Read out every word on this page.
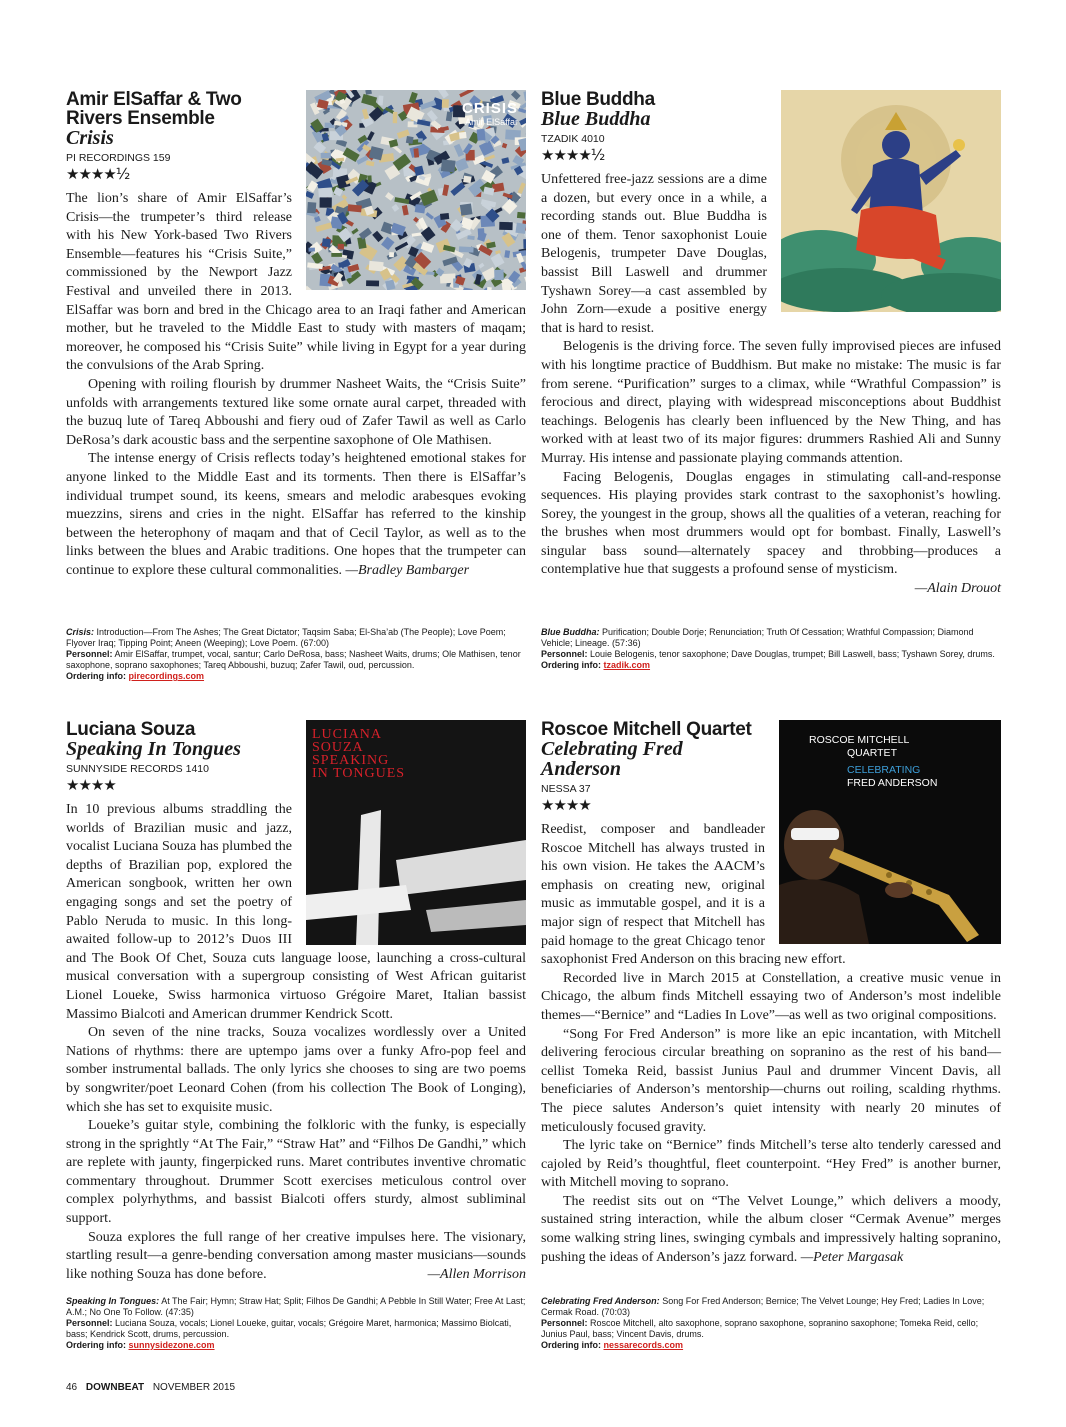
CRISIS
Amir ElSaffar
Amir ElSaffar & Two Rivers Ensemble
Crisis
PI RECORDINGS 159
★★★★½

The lion’s share of Amir ElSaffar’s Crisis—the trumpeter’s third release with his New York-based Two Rivers Ensemble—features his “Crisis Suite,” commissioned by the Newport Jazz Festival and unveiled there in 2013. ElSaffar was born and bred in the Chicago area to an Iraqi father and American mother, but he traveled to the Middle East to study with masters of maqam; moreover, he composed his “Crisis Suite” while living in Egypt for a year during the convulsions of the Arab Spring.

Opening with roiling flourish by drummer Nasheet Waits, the “Crisis Suite” unfolds with arrangements textured like some ornate aural carpet, threaded with the buzuq lute of Tareq Abboushi and fiery oud of Zafer Tawil as well as Carlo DeRosa’s dark acoustic bass and the serpentine saxophone of Ole Mathisen.

The intense energy of Crisis reflects today’s heightened emotional stakes for anyone linked to the Middle East and its torments. Then there is ElSaffar’s individual trumpet sound, its keens, smears and melodic arabesques evoking muezzins, sirens and cries in the night. ElSaffar has referred to the kinship between the heterophony of maqam and that of Cecil Taylor, as well as to the links between the blues and Arabic traditions. One hopes that the trumpeter can continue to explore these cultural commonalities. —Bradley Bambarger

Crisis: Introduction—From The Ashes; The Great Dictator; Taqsim Saba; El-Sha’ab (The People); Love Poem; Flyover Iraq; Tipping Point; Aneen (Weeping); Love Poem. (67:00)
Personnel: Amir ElSaffar, trumpet, vocal, santur; Carlo DeRosa, bass; Nasheet Waits, drums; Ole Mathisen, tenor saxophone, soprano saxophones; Tareq Abboushi, buzuq; Zafer Tawil, oud, percussion.
Ordering info: pirecordings.com
Blue Buddha
Blue Buddha
TZADIK 4010
★★★★½

Unfettered free-jazz sessions are a dime a dozen, but every once in a while, a recording stands out. Blue Buddha is one of them. Tenor saxophonist Louie Belogenis, trumpeter Dave Douglas, bassist Bill Laswell and drummer Tyshawn Sorey—a cast assembled by John Zorn—exude a positive energy that is hard to resist.

Belogenis is the driving force. The seven fully improvised pieces are infused with his longtime practice of Buddhism. But make no mistake: The music is far from serene. “Purification” surges to a climax, while “Wrathful Compassion” is ferocious and direct, playing with widespread misconceptions about Buddhist teachings. Belogenis has clearly been influenced by the New Thing, and has worked with at least two of its major figures: drummers Rashied Ali and Sunny Murray. His intense and passionate playing commands attention.

Facing Belogenis, Douglas engages in stimulating call-and-response sequences. His playing provides stark contrast to the saxophonist’s howling. Sorey, the youngest in the group, shows all the qualities of a veteran, reaching for the brushes when most drummers would opt for bombast. Finally, Laswell’s singular bass sound—alternately spacey and throbbing—produces a contemplative hue that suggests a profound sense of mysticism.

—Alain Drouot
Blue Buddha: Purification; Double Dorje; Renunciation; Truth Of Cessation; Wrathful Compassion; Diamond Vehicle; Lineage. (57:36)
Personnel: Louie Belogenis, tenor saxophone; Dave Douglas, trumpet; Bill Laswell, bass; Tyshawn Sorey, drums.
Ordering info: tzadik.com
LUCIANA
SOUZA
SPEAKING
IN TONGUES
Luciana Souza
Speaking In Tongues
SUNNYSIDE RECORDS 1410
★★★★

In 10 previous albums straddling the worlds of Brazilian music and jazz, vocalist Luciana Souza has plumbed the depths of Brazilian pop, explored the American songbook, written her own engaging songs and set the poetry of Pablo Neruda to music. In this long-awaited follow-up to 2012’s Duos III and The Book Of Chet, Souza cuts language loose, launching a cross-cultural musical conversation with a supergroup consisting of West African guitarist Lionel Loueke, Swiss harmonica virtuoso Grégoire Maret, Italian bassist Massimo Bialcoti and American drummer Kendrick Scott.

On seven of the nine tracks, Souza vocalizes wordlessly over a United Nations of rhythms: there are uptempo jams over a funky Afro-pop feel and somber instrumental ballads. The only lyrics she chooses to sing are two poems by songwriter/poet Leonard Cohen (from his collection The Book of Longing), which she has set to exquisite music.

Loueke’s guitar style, combining the folkloric with the funky, is especially strong in the sprightly “At The Fair,” “Straw Hat” and “Filhos De Gandhi,” which are replete with jaunty, fingerpicked runs. Maret contributes inventive chromatic commentary throughout. Drummer Scott exercises meticulous control over complex polyrhythms, and bassist Bialcoti offers sturdy, almost subliminal support.

Souza explores the full range of her creative impulses here. The visionary, startling result—a genre-bending conversation among master musicians—sounds like nothing Souza has done before.	—Allen Morrison

Speaking In Tongues: At The Fair; Hymn; Straw Hat; Split; Filhos De Gandhi; A Pebble In Still Water; Free At Last; A.M.; No One To Follow. (47:35)
Personnel: Luciana Souza, vocals; Lionel Loueke, guitar, vocals; Grégoire Maret, harmonica; Massimo Biolcati, bass; Kendrick Scott, drums, percussion.
Ordering info: sunnysidezone.com
ROSCOE MITCHELL
QUARTET
CELEBRATING
FRED ANDERSON
Roscoe Mitchell Quartet
Celebrating Fred Anderson
NESSA 37
★★★★

Reedist, composer and bandleader Roscoe Mitchell has always trusted in his own vision. He takes the AACM’s emphasis on creating new, original music as immutable gospel, and it is a major sign of respect that Mitchell has paid homage to the great Chicago tenor saxophonist Fred Anderson on this bracing new effort.

Recorded live in March 2015 at Constellation, a creative music venue in Chicago, the album finds Mitchell essaying two of Anderson’s most indelible themes—“Bernice” and “Ladies In Love”—as well as two original compositions.

“Song For Fred Anderson” is more like an epic incantation, with Mitchell delivering ferocious circular breathing on sopranino as the rest of his band—cellist Tomeka Reid, bassist Junius Paul and drummer Vincent Davis, all beneficiaries of Anderson’s mentorship—churns out roiling, scalding rhythms. The piece salutes Anderson’s quiet intensity with nearly 20 minutes of meticulously focused gravity.

The lyric take on “Bernice” finds Mitchell’s terse alto tenderly caressed and cajoled by Reid’s thoughtful, fleet counterpoint. “Hey Fred” is another burner, with Mitchell moving to soprano.

The reedist sits out on “The Velvet Lounge,” which delivers a moody, sustained string interaction, while the album closer “Cermak Avenue” merges some walking string lines, swinging cymbals and impressively halting sopranino, pushing the ideas of Anderson’s jazz forward. —Peter Margasak

Celebrating Fred Anderson: Song For Fred Anderson; Bernice; The Velvet Lounge; Hey Fred; Ladies In Love; Cermak Road. (70:03)
Personnel: Roscoe Mitchell, alto saxophone, soprano saxophone, sopranino saxophone; Tomeka Reid, cello; Junius Paul, bass; Vincent Davis, drums.
Ordering info: nessarecords.com
46 DOWNBEAT NOVEMBER 2015
